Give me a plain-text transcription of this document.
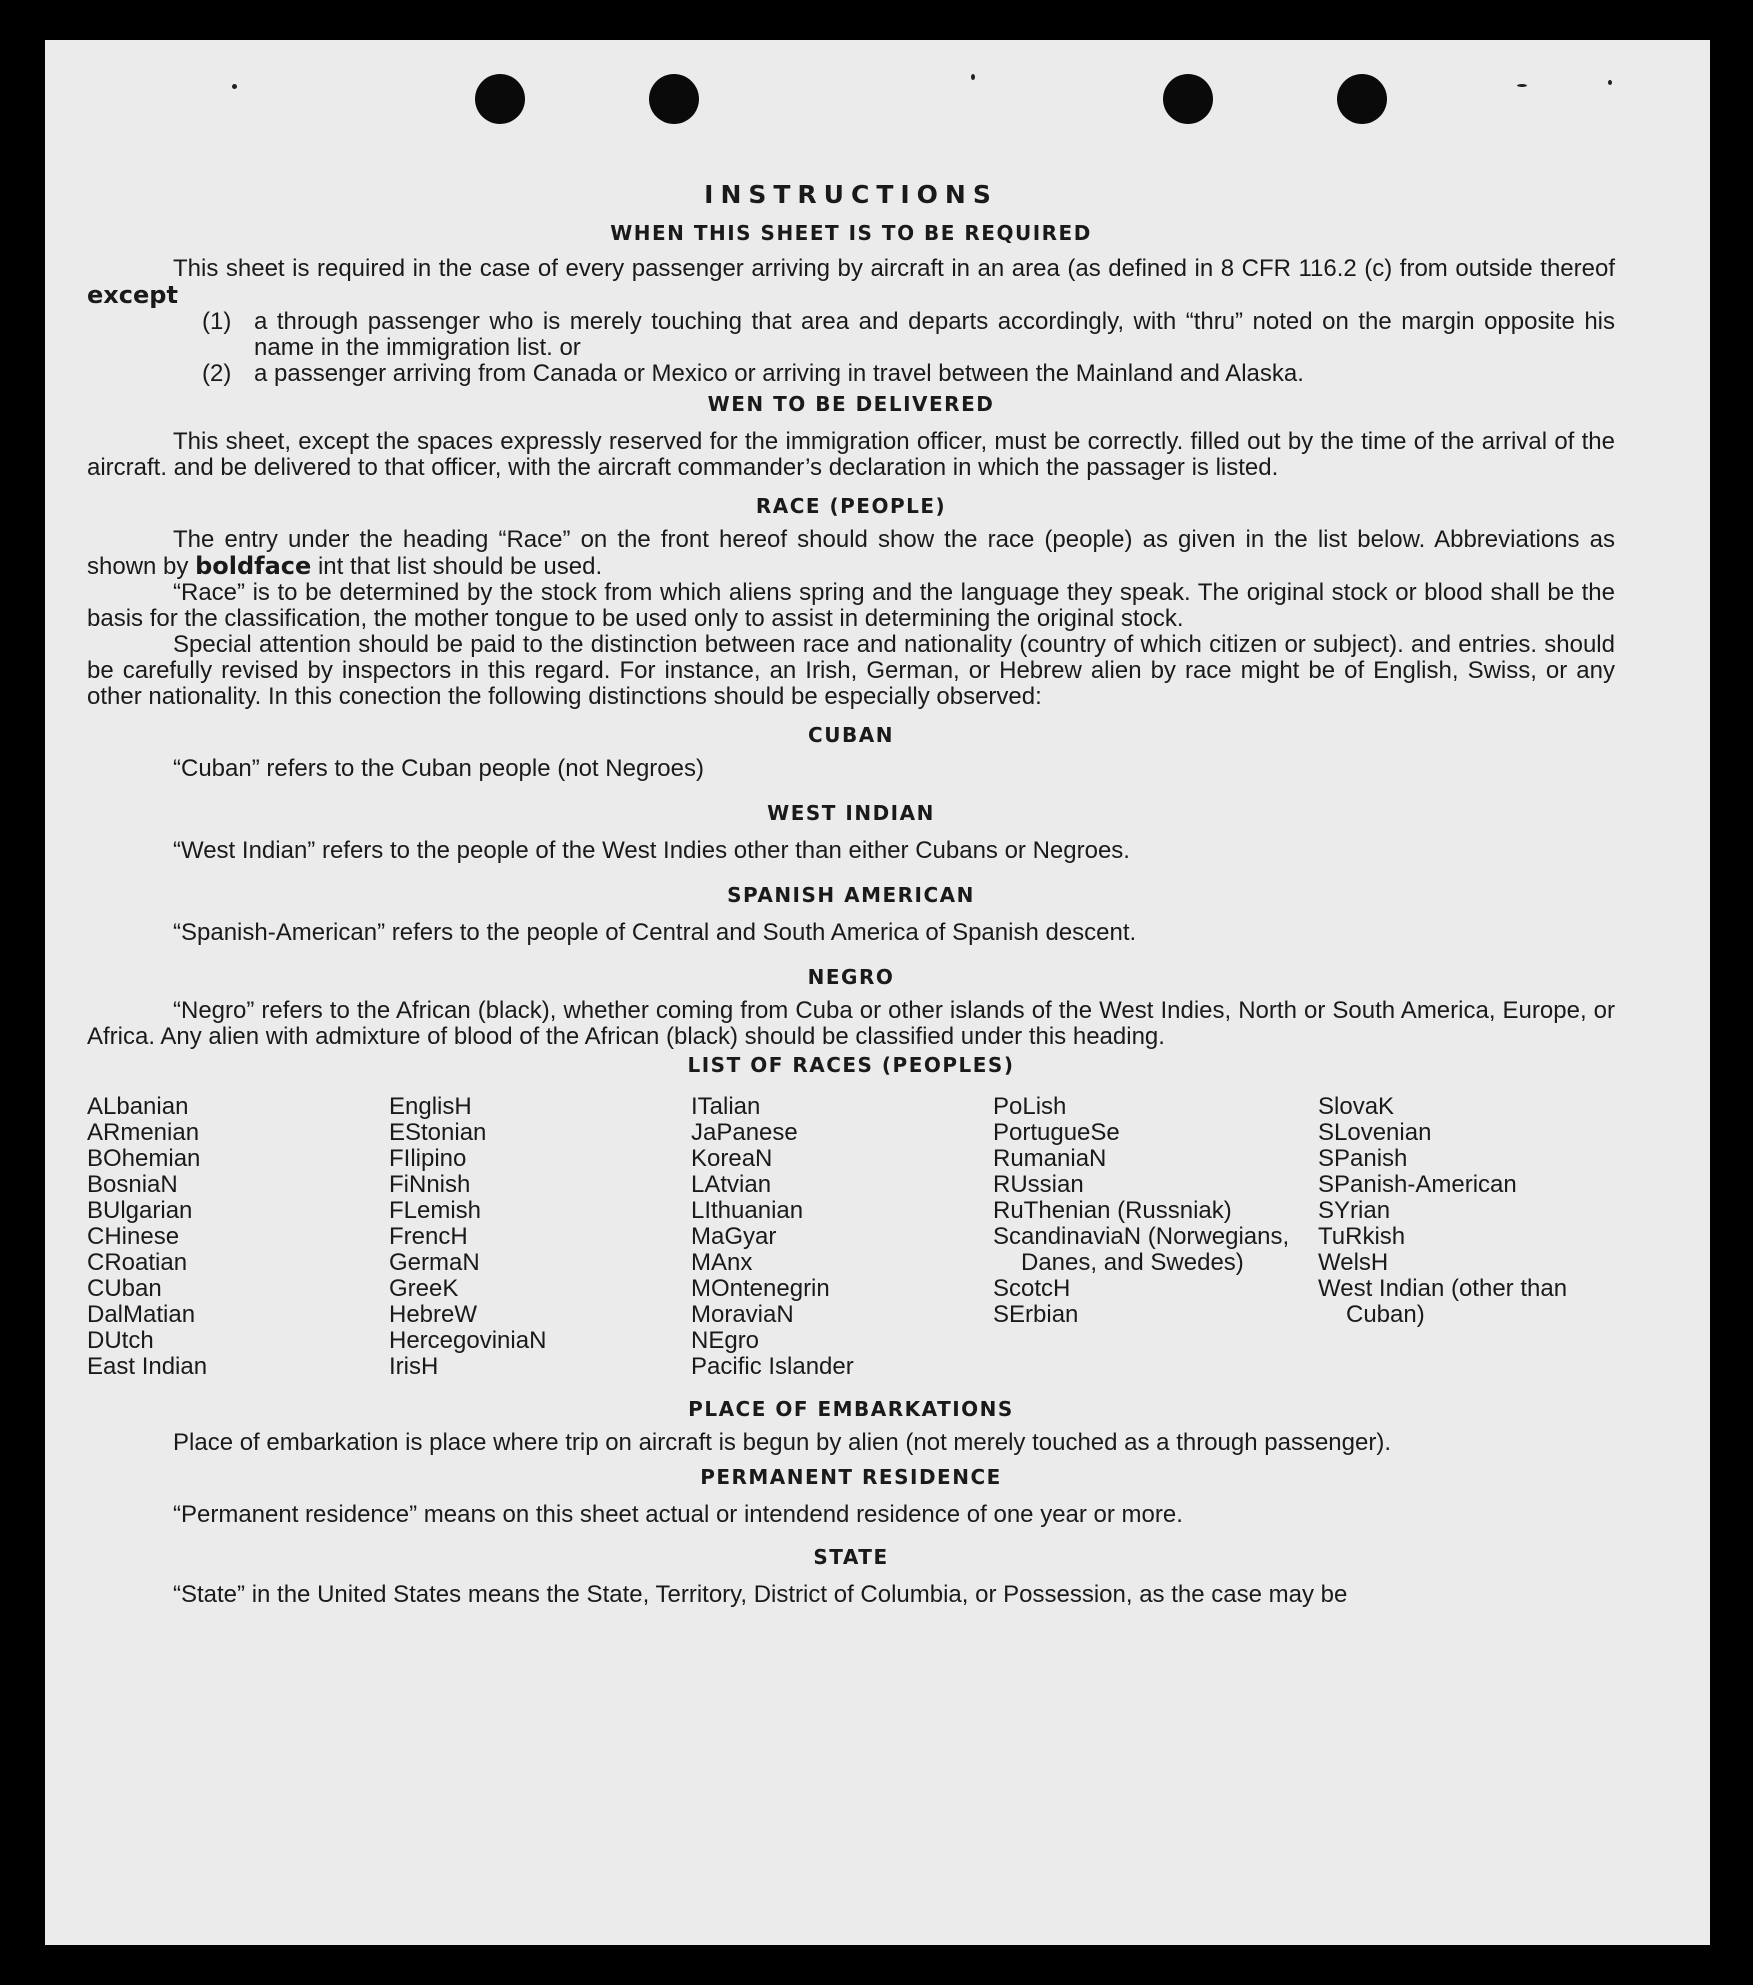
INSTRUCTIONS
WHEN THIS SHEET IS TO BE REQUIRED

This sheet is required in the case of every passenger arriving by aircraft in an area (as defined in 8 CFR 116.2 (c) from outside thereof except

(1) a through passenger who is merely touching that area and departs accordingly, with “thru” noted on the margin opposite his name in the immigration list. or
(2) a passenger arriving from Canada or Mexico or arriving in travel between the Mainland and Alaska.
WEN TO BE DELIVERED

This sheet, except the spaces expressly reserved for the immigration officer, must be correctly. filled out by the time of the arrival of the aircraft. and be delivered to that officer, with the aircraft commander’s declaration in which the passager is listed.

RACE (PEOPLE)

The entry under the heading “Race” on the front hereof should show the race (people) as given in the list below. Abbreviations as shown by boldface int that list should be used.

“Race” is to be determined by the stock from which aliens spring and the language they speak. The original stock or blood shall be the basis for the classification, the mother tongue to be used only to assist in determining the original stock.

Special attention should be paid to the distinction between race and nationality (country of which citizen or subject). and entries. should be carefully revised by inspectors in this regard. For instance, an Irish, German, or Hebrew alien by race might be of English, Swiss, or any other nationality. In this conection the following distinctions should be especially observed:

CUBAN

“Cuban” refers to the Cuban people (not Negroes)

WEST INDIAN

“West Indian” refers to the people of the West Indies other than either Cubans or Negroes.

SPANISH AMERICAN

“Spanish-American” refers to the people of Central and South America of Spanish descent.

NEGRO

“Negro” refers to the African (black), whether coming from Cuba or other islands of the West Indies, North or South America, Europe, or Africa. Any alien with admixture of blood of the African (black) should be classified under this heading.

LIST OF RACES (PEOPLES)
ALbanian
ARmenian
BOhemian
BosniaN
BUlgarian
CHinese
CRoatian
CUban
DalMatian
DUtch
East Indian
EnglisH
EStonian
FIlipino
FiNnish
FLemish
FrencH
GermaN
GreeK
HebreW
HercegoviniaN
IrisH
ITalian
JaPanese
KoreaN
LAtvian
LIthuanian
MaGyar
MAnx
MOntenegrin
MoraviaN
NEgro
Pacific Islander
PoLish
PortugueSe
RumaniaN
RUssian
RuThenian (Russniak)
ScandinaviaN (Norwegians, Danes, and Swedes)
ScotcH
SErbian
SlovaK
SLovenian
SPanish
SPanish-American
SYrian
TuRkish
WelsH
West Indian (other than Cuban)
PLACE OF EMBARKATIONS

Place of embarkation is place where trip on aircraft is begun by alien (not merely touched as a through passenger).

PERMANENT RESIDENCE

“Permanent residence” means on this sheet actual or intendend residence of one year or more.

STATE

“State” in the United States means the State, Territory, District of Columbia, or Possession, as the case may be
